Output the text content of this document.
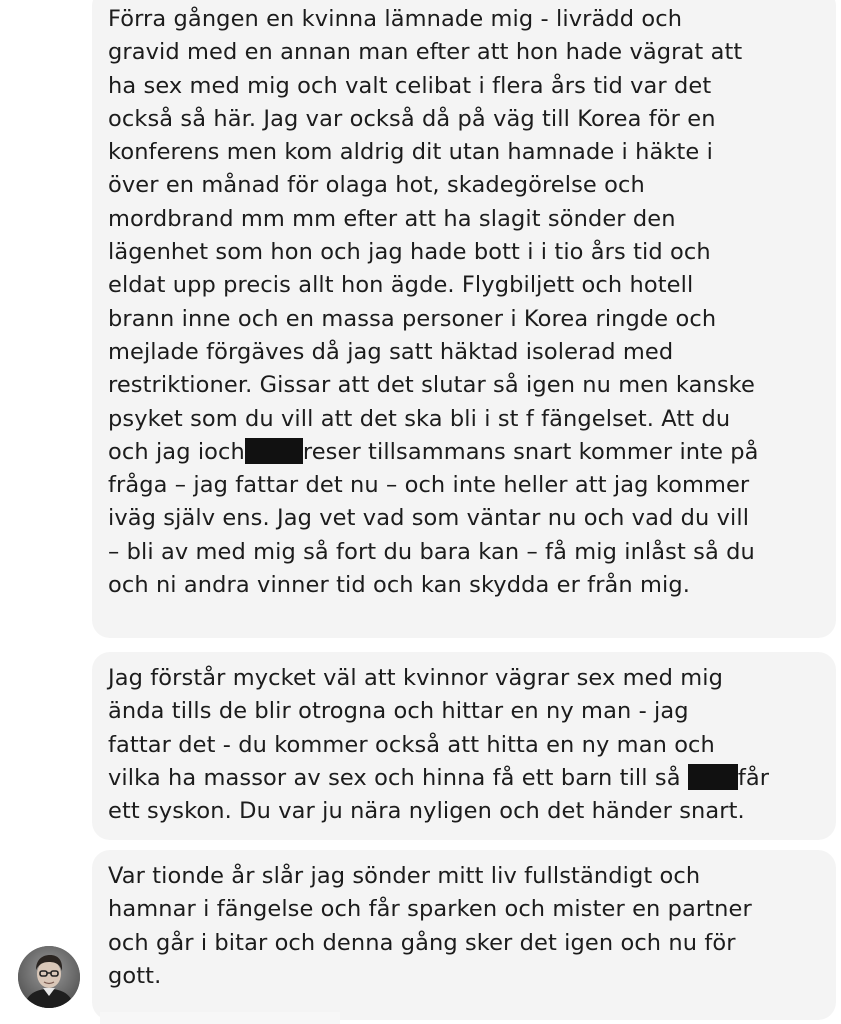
Förra gången en kvinna lämnade mig - livrädd och

gravid med en annan man efter att hon hade vägrat att

ha sex med mig och valt celibat i flera års tid var det

också så här. Jag var också då på väg till Korea för en

konferens men kom aldrig dit utan hamnade i häkte i

över en månad för olaga hot, skadegörelse och

mordbrand mm mm efter att ha slagit sönder den

lägenhet som hon och jag hade bott i i tio års tid och

eldat upp precis allt hon ägde. Flygbiljett och hotell

brann inne och en massa personer i Korea ringde och

mejlade förgäves då jag satt häktad isolerad med

restriktioner. Gissar att det slutar så igen nu men kanske

psyket som du vill att det ska bli i st f fängelset. Att du

och jag ioch	reser tillsammans snart kommer inte på

fråga – jag fattar det nu – och inte heller att jag kommer

iväg själv ens. Jag vet vad som väntar nu och vad du vill

– bli av med mig så fort du bara kan – få mig inlåst så du

och ni andra vinner tid och kan skydda er från mig.

Jag förstår mycket väl att kvinnor vägrar sex med mig

ända tills de blir otrogna och hittar en ny man - jag

fattar det - du kommer också att hitta en ny man och

vilka ha massor av sex och hinna få ett barn till så får

ett syskon. Du var ju nära nyligen och det händer snart.

Var tionde år slår jag sönder mitt liv fullständigt och

hamnar i fängelse och får sparken och mister en partner

och går i bitar och denna gång sker det igen och nu för

gott.
